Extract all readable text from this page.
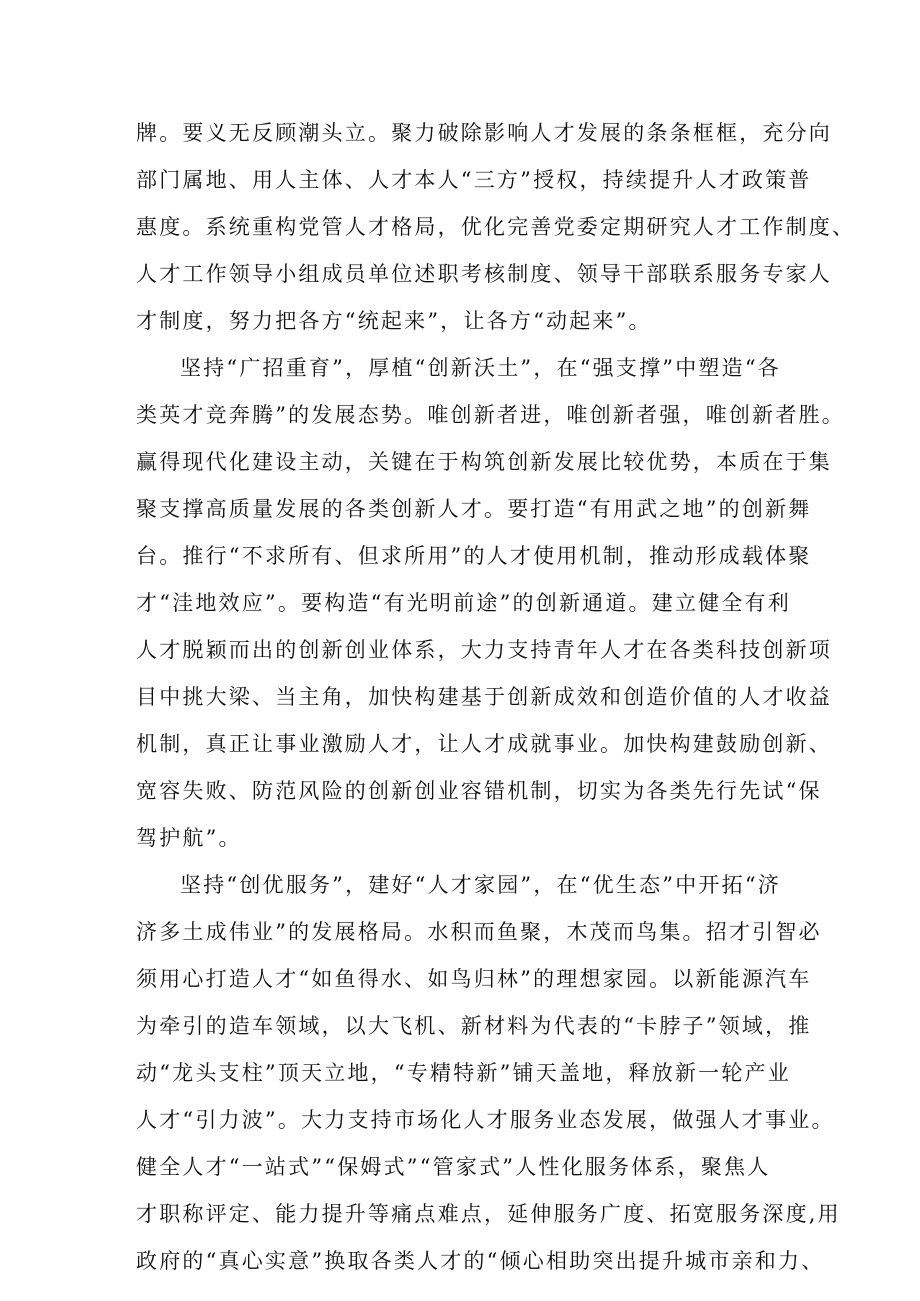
牌。要义无反顾潮头立。聚力破除影响人才发展的条条框框，充分向
部门属地、用人主体、人才本人“三方”授权，持续提升人才政策普
惠度。系统重构党管人才格局，优化完善党委定期研究人才工作制度、
人才工作领导小组成员单位述职考核制度、领导干部联系服务专家人
才制度，努力把各方“统起来”，让各方“动起来”。
坚持“广招重育”，厚植“创新沃土”，在“强支撑”中塑造“各
类英才竞奔腾”的发展态势。唯创新者进，唯创新者强，唯创新者胜。
赢得现代化建设主动，关键在于构筑创新发展比较优势，本质在于集
聚支撑高质量发展的各类创新人才。要打造“有用武之地”的创新舞
台。推行“不求所有、但求所用”的人才使用机制，推动形成载体聚
才“洼地效应”。要构造“有光明前途”的创新通道。建立健全有利
人才脱颖而出的创新创业体系，大力支持青年人才在各类科技创新项
目中挑大梁、当主角，加快构建基于创新成效和创造价值的人才收益
机制，真正让事业激励人才，让人才成就事业。加快构建鼓励创新、
宽容失败、防范风险的创新创业容错机制，切实为各类先行先试“保
驾护航”。
坚持“创优服务”，建好“人才家园”，在“优生态”中开拓“济
济多土成伟业”的发展格局。水积而鱼聚，木茂而鸟集。招才引智必
须用心打造人才“如鱼得水、如鸟归林”的理想家园。以新能源汽车
为牵引的造车领域，以大飞机、新材料为代表的“卡脖子”领域，推
动“龙头支柱”顶天立地，“专精特新”铺天盖地，释放新一轮产业
人才“引力波”。大力支持市场化人才服务业态发展，做强人才事业。
健全人才“一站式”“保姆式”“管家式”人性化服务体系，聚焦人
才职称评定、能力提升等痛点难点，延伸服务广度、拓宽服务深度,用
政府的“真心实意”换取各类人才的“倾心相助突出提升城市亲和力、
